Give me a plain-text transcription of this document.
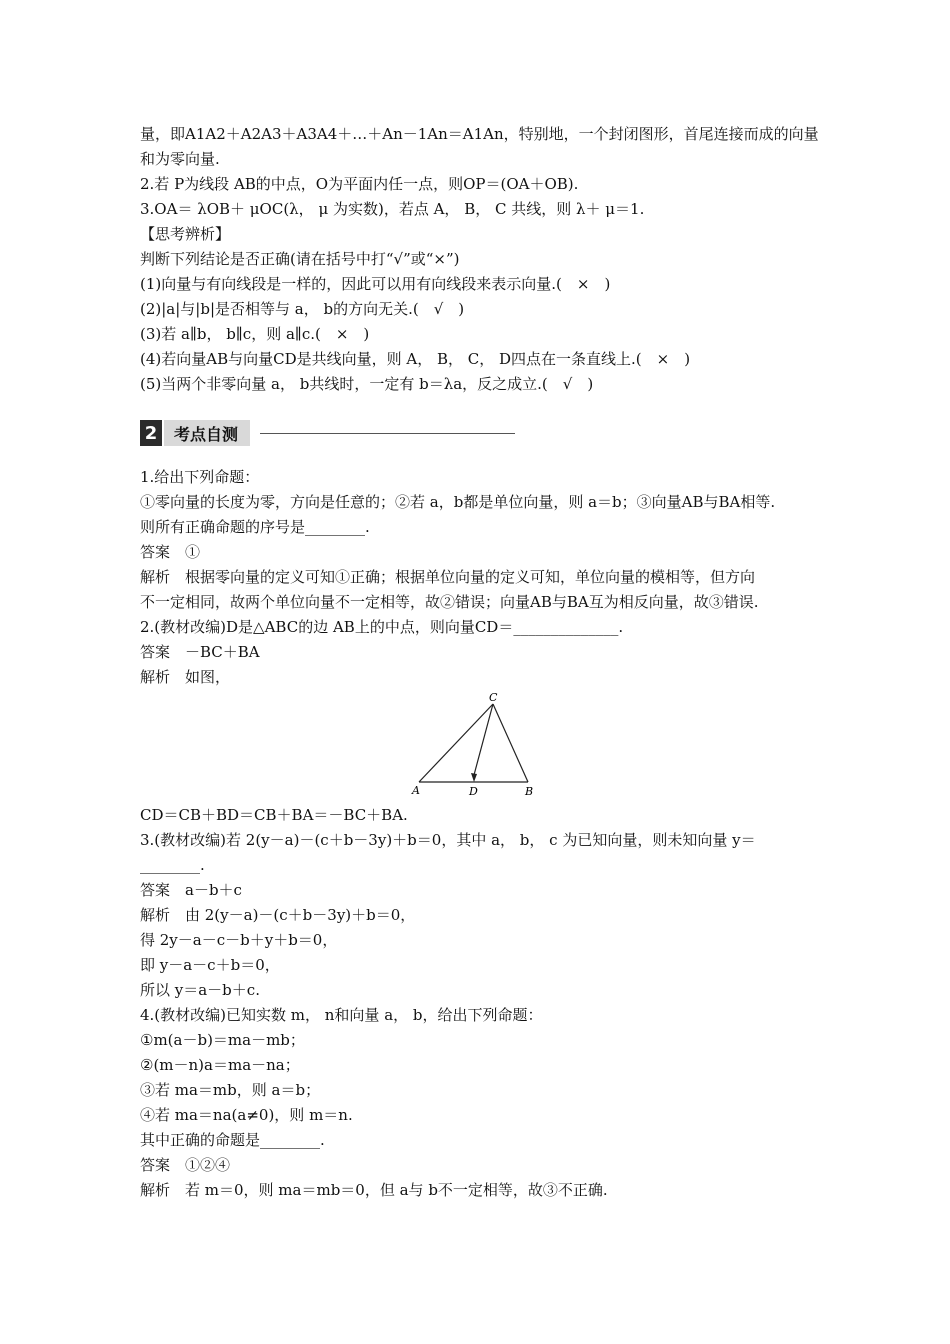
量，即A1A2＋A2A3＋A3A4＋…＋An－1An＝A1An，特别地，一个封闭图形，首尾连接而成的向量
和为零向量.
2.若 P为线段 AB的中点，O为平面内任一点，则OP＝(OA＋OB).
3.OA＝ λOB＋ μOC(λ， μ 为实数)，若点 A， B， C 共线，则 λ＋ μ＝1.
【思考辨析】
判断下列结论是否正确(请在括号中打“√”或“×”)
(1)向量与有向线段是一样的，因此可以用有向线段来表示向量.(　×　)
(2)|a|与|b|是否相等与 a， b的方向无关.(　√　)
(3)若 a∥b， b∥c，则 a∥c.(　×　)
(4)若向量AB与向量CD是共线向量，则 A， B， C， D四点在一条直线上.(　×　)
(5)当两个非零向量 a， b共线时，一定有 b＝λa，反之成立.(　√　)
2	考点自测
1.给出下列命题：
①零向量的长度为零，方向是任意的；②若 a，b都是单位向量，则 a＝b；③向量AB与BA相等.
则所有正确命题的序号是________.
答案　①
解析　根据零向量的定义可知①正确；根据单位向量的定义可知，单位向量的模相等，但方向
不一定相同，故两个单位向量不一定相等，故②错误；向量AB与BA互为相反向量，故③错误.
2.(教材改编)D是△ABC的边 AB上的中点，则向量CD＝______________.
答案　－BC＋BA
解析　如图，
C
A	D	B
CD＝CB＋BD＝CB＋BA＝－BC＋BA.
3.(教材改编)若 2(y－a)－(c＋b－3y)＋b＝0，其中 a， b， c 为已知向量，则未知向量 y＝
________.
答案　a－b＋c
解析　由 2(y－a)－(c＋b－3y)＋b＝0，
得 2y－a－c－b＋y＋b＝0，
即 y－a－c＋b＝0，
所以 y＝a－b＋c.
4.(教材改编)已知实数 m， n和向量 a， b，给出下列命题：
①m(a－b)＝ma－mb；
②(m－n)a＝ma－na；
③若 ma＝mb，则 a＝b；
④若 ma＝na(a≠0)，则 m＝n.
其中正确的命题是________.
答案　①②④
解析　若 m＝0，则 ma＝mb＝0，但 a与 b不一定相等，故③不正确.
